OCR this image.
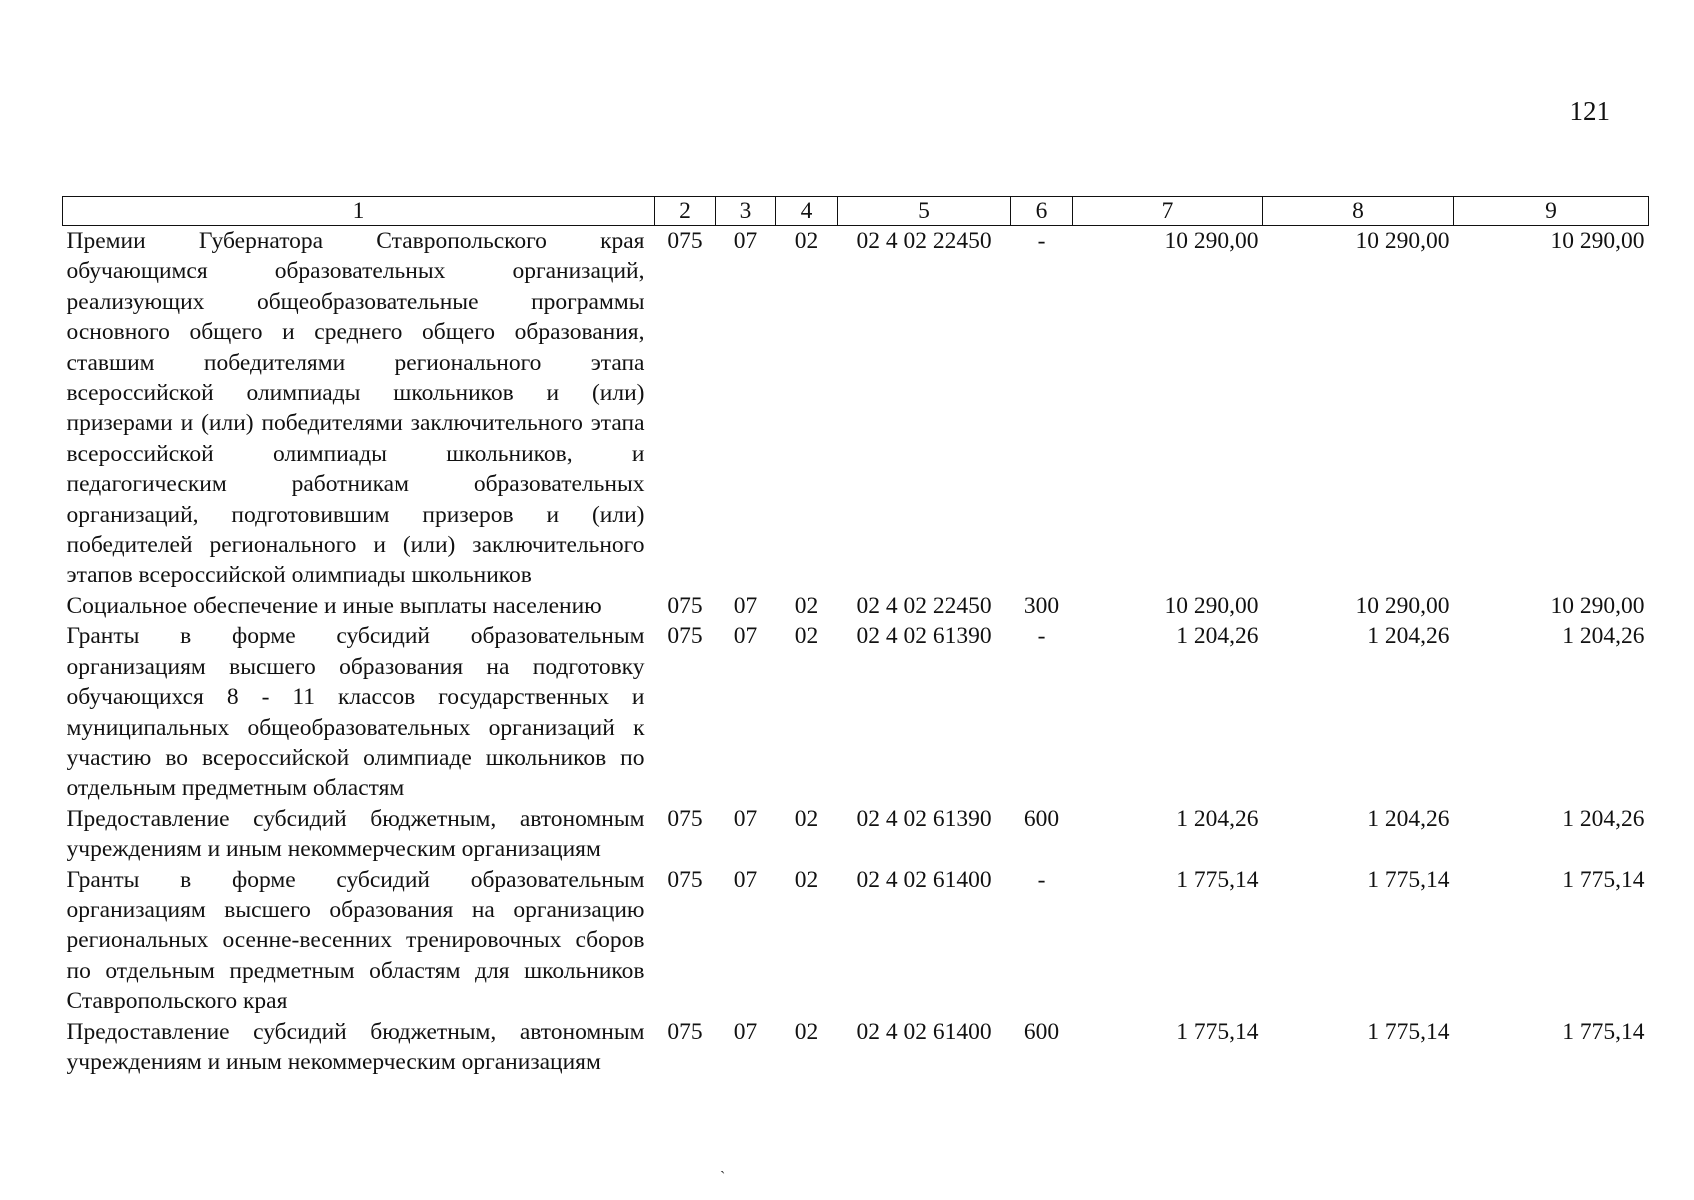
121
1	2	3	4	5	6	7	8	9
Премии Губернатора Ставропольского края обучающимся образовательных организаций, реализующих общеобразовательные программы основного общего и среднего общего образования, ставшим победителями регионального этапа всероссийской олимпиады школьников и (или) призерами и (или) победителями заключительного этапа всероссийской олимпиады школьников, и педагогическим работникам образовательных организаций, подготовившим призеров и (или) победителей регионального и (или) заключительного этапов всероссийской олимпиады школьников	075	07	02	02 4 02 22450	-	10 290,00	10 290,00	10 290,00
Социальное обеспечение и иные выплаты населению	075	07	02	02 4 02 22450	300	10 290,00	10 290,00	10 290,00
Гранты в форме субсидий образовательным организациям высшего образования на подготовку обучающихся 8 - 11 классов государственных и муниципальных общеобразовательных организаций к участию во всероссийской олимпиаде школьников по отдельным предметным областям	075	07	02	02 4 02 61390	-	1 204,26	1 204,26	1 204,26
Предоставление субсидий бюджетным, автономным учреждениям и иным некоммерческим организациям	075	07	02	02 4 02 61390	600	1 204,26	1 204,26	1 204,26
Гранты в форме субсидий образовательным организациям высшего образования на организацию региональных осенне-весенних тренировочных сборов по отдельным предметным областям для школьников Ставропольского края	075	07	02	02 4 02 61400	-	1 775,14	1 775,14	1 775,14
Предоставление субсидий бюджетным, автономным учреждениям и иным некоммерческим организациям	075	07	02	02 4 02 61400	600	1 775,14	1 775,14	1 775,14
ˎ
